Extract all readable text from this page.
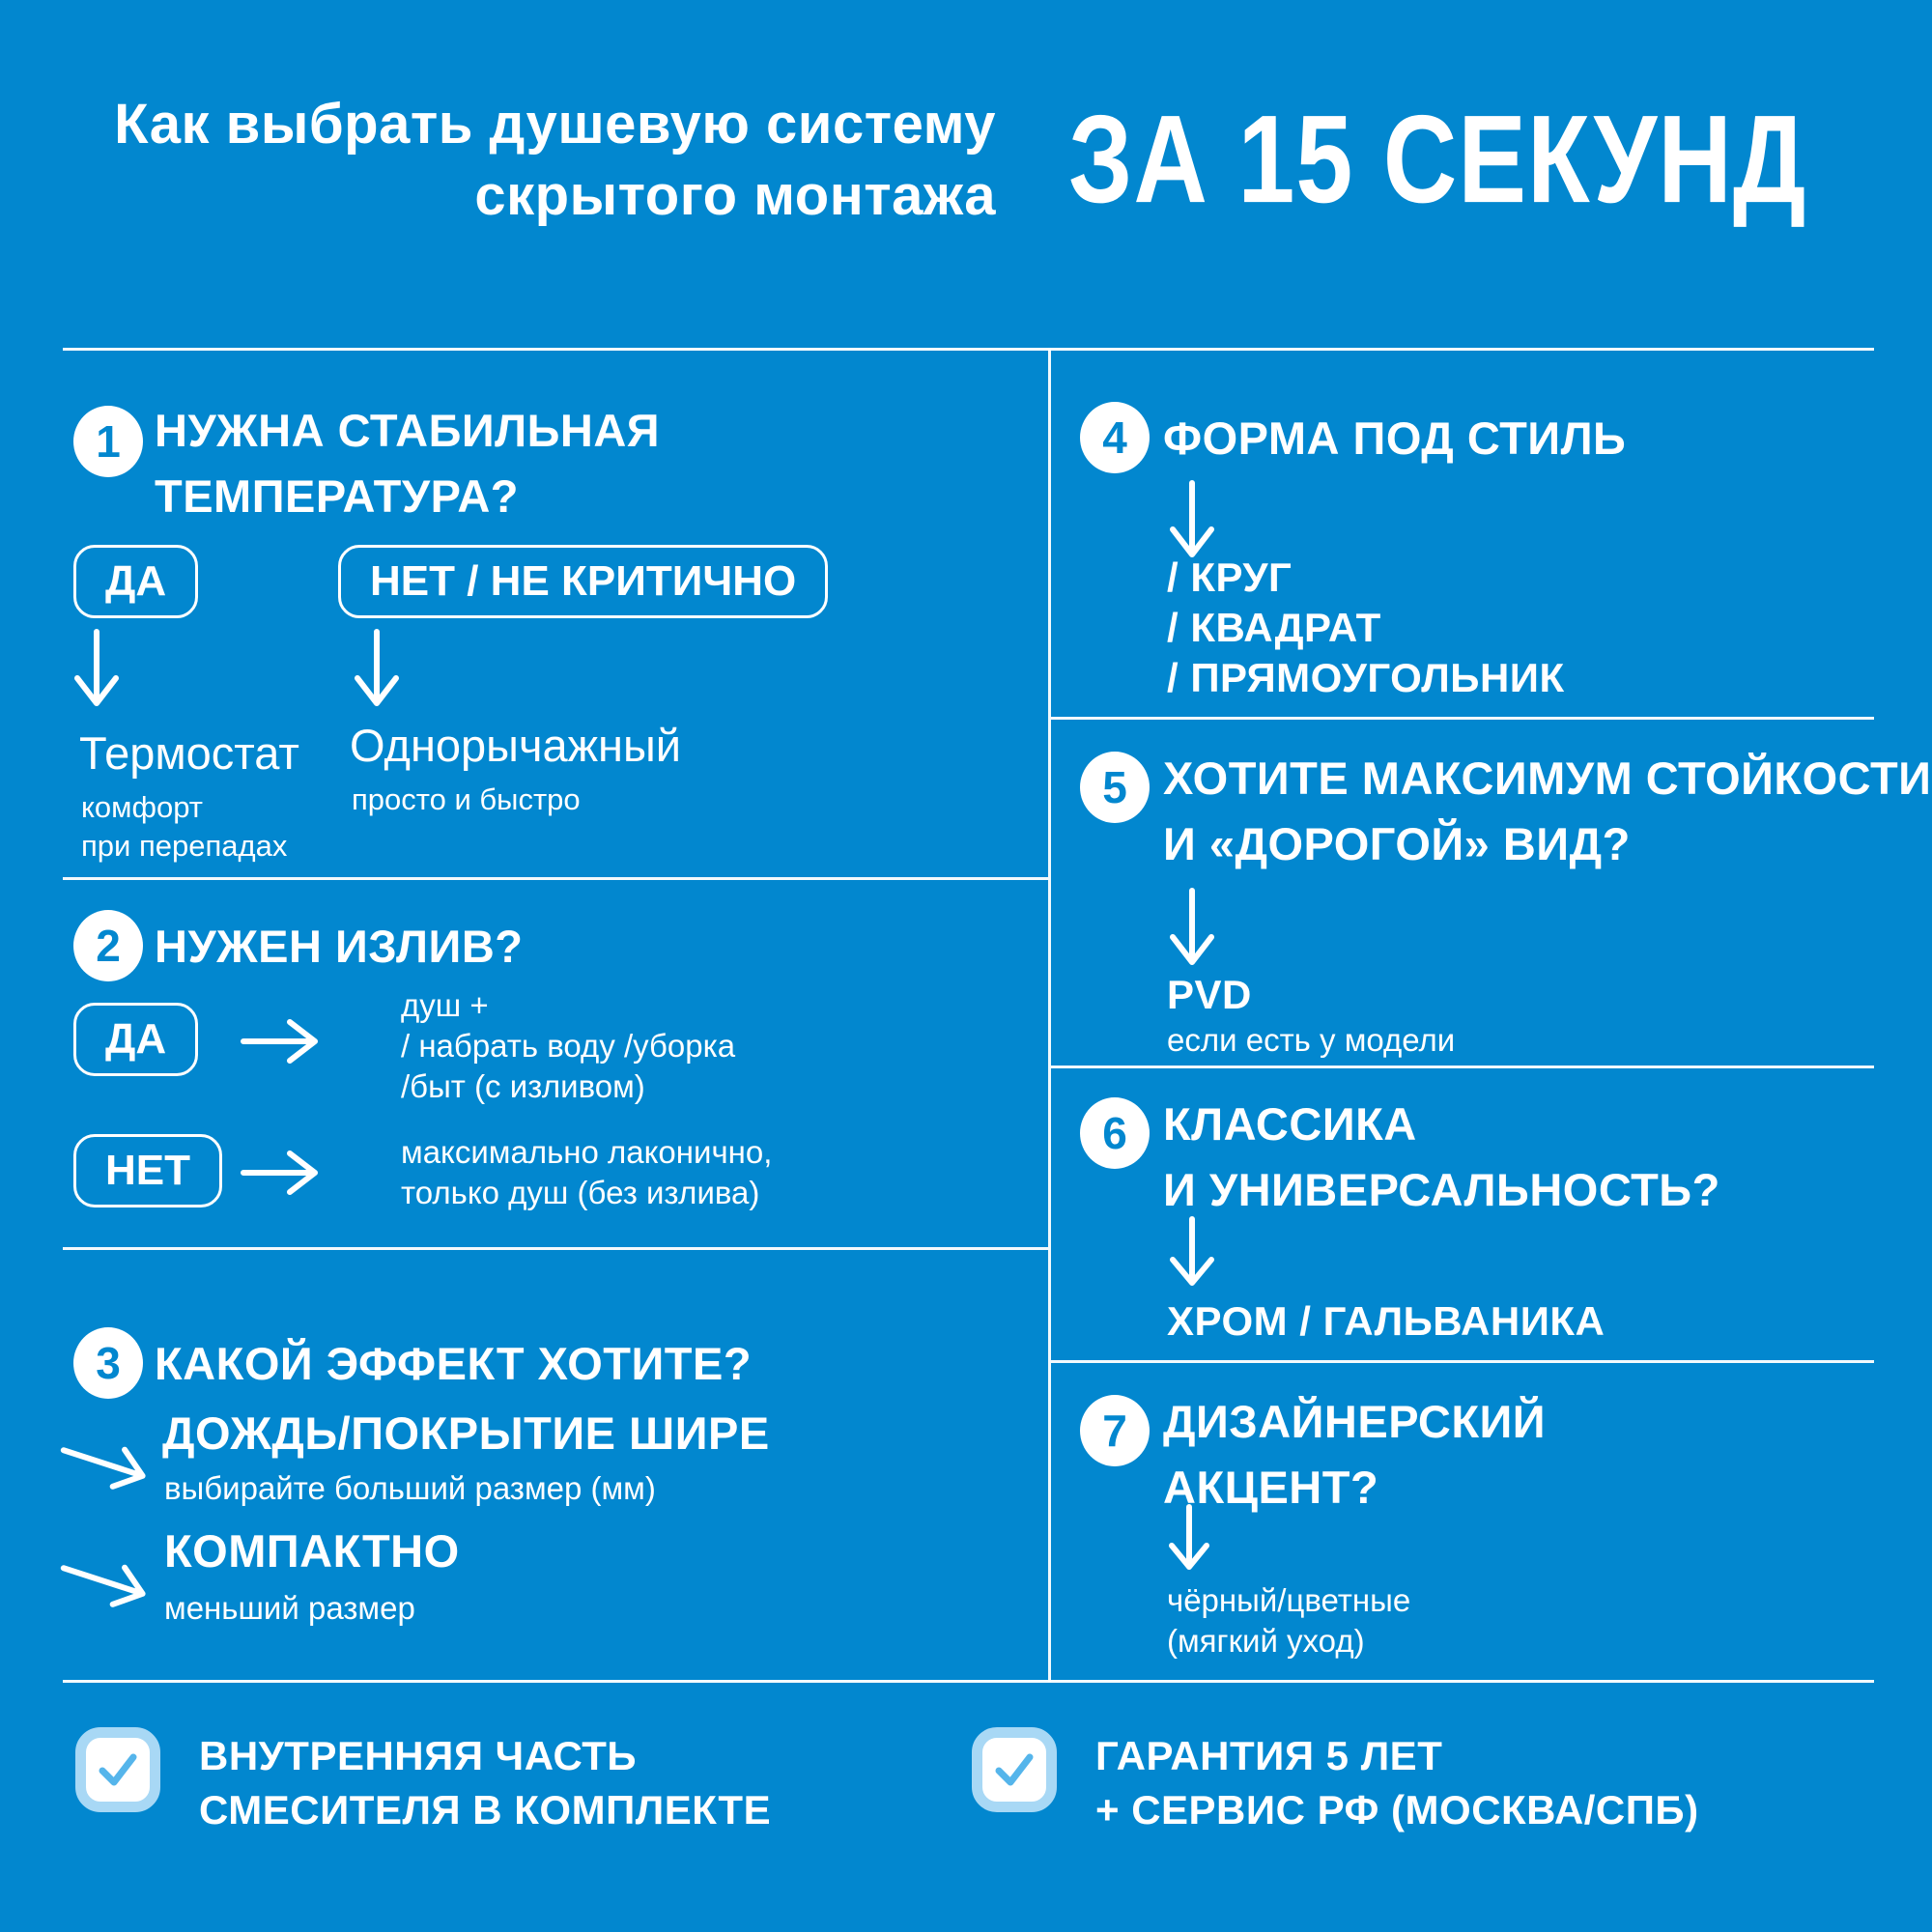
Как выбрать душевую систему
скрытого монтажа ЗА 15 СЕКУНД
1 НУЖНА СТАБИЛЬНАЯ
ТЕМПЕРАТУРА?
ДА	НЕТ / НЕ КРИТИЧНО
Термостат
комфорт
при перепадах
Однорычажный
просто и быстро
2 НУЖЕН ИЗЛИВ?
ДА
душ +
/ набрать воду /уборка
/быт (с изливом)
НЕТ	максимально лаконично,
только душ (без излива)
3 КАКОЙ ЭФФЕКТ ХОТИТЕ?
ДОЖДЬ/ПОКРЫТИЕ ШИРЕ
выбирайте больший размер (мм)
КОМПАКТНО
меньший размер
4 ФОРМА ПОД СТИЛЬ
/ КРУГ
/ КВАДРАТ
/ ПРЯМОУГОЛЬНИК
5 ХОТИТЕ МАКСИМУМ СТОЙКОСТИ
И «ДОРОГОЙ» ВИД?
PVD
если есть у модели
6 КЛАССИКА
И УНИВЕРСАЛЬНОСТЬ?
ХРОМ / ГАЛЬВАНИКА
7 ДИЗАЙНЕРСКИЙ
АКЦЕНТ?
чёрный/цветные
(мягкий уход)
ВНУТРЕННЯЯ ЧАСТЬ
СМЕСИТЕЛЯ В КОМПЛЕКТЕ
ГАРАНТИЯ 5 ЛЕТ
+ СЕРВИС РФ (МОСКВА/СПБ)
